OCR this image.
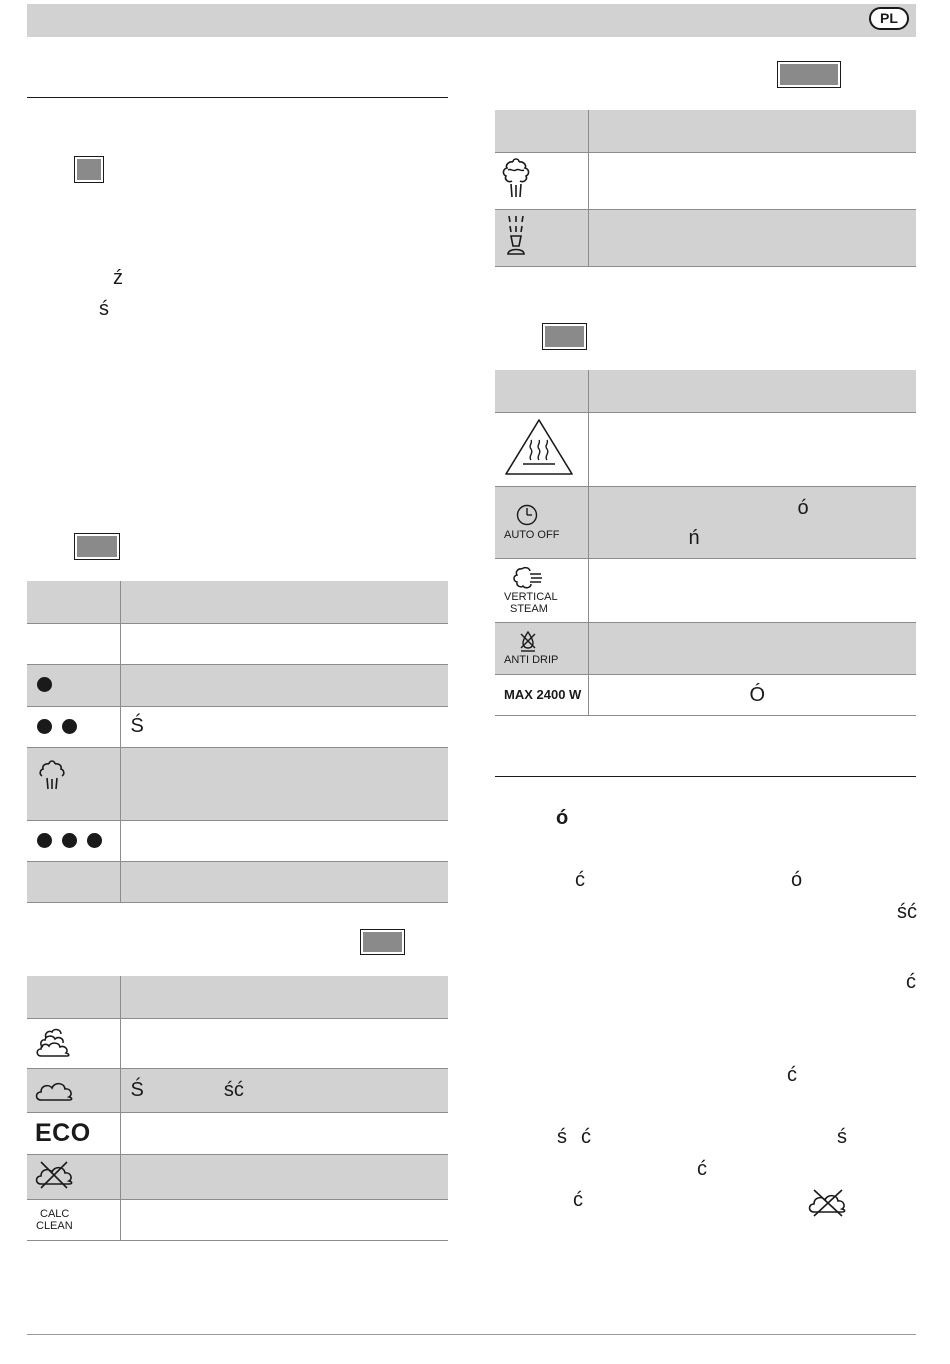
PL
ź
ś

	Ś

	Ś ść
ECO	

CALC
CLEAN	

AUTO OFF	ó
ń

VERTICAL
STEAM	

ANTI DRIP	

MAX 2400 W	Ó
ó
ć	ó
ść
ć
ć
ś ć	ś
ć
ć
